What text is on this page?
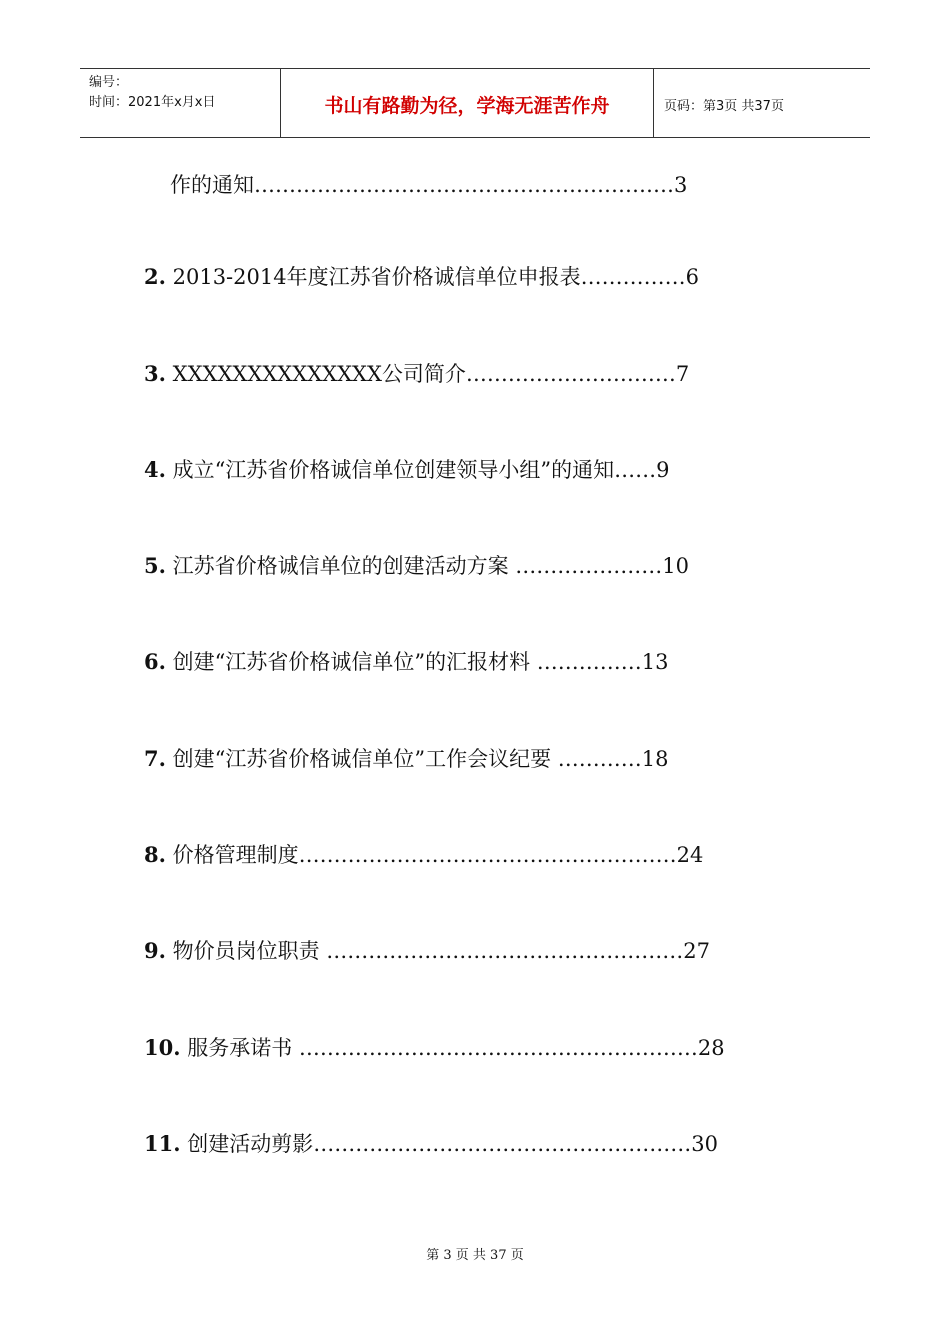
编号：
时间：2021年x月x日	书山有路勤为径，学海无涯苦作舟	页码：第3页 共37页
作的通知……………………………………………………3
2. 2013-2014年度江苏省价格诚信单位申报表……………6
3. XXXXXXXXXXXXXX公司简介…………………………7
4. 成立“江苏省价格诚信单位创建领导小组”的通知……9
5. 江苏省价格诚信单位的创建活动方案 …………………10
6. 创建“江苏省价格诚信单位”的汇报材料 ……………13
7. 创建“江苏省价格诚信单位”工作会议纪要 …………18
8. 价格管理制度………………………………………………24
9. 物价员岗位职责 ……………………………………………27
10. 服务承诺书 …………………………………………………28
11. 创建活动剪影………………………………………………30
第 3 页 共 37 页
